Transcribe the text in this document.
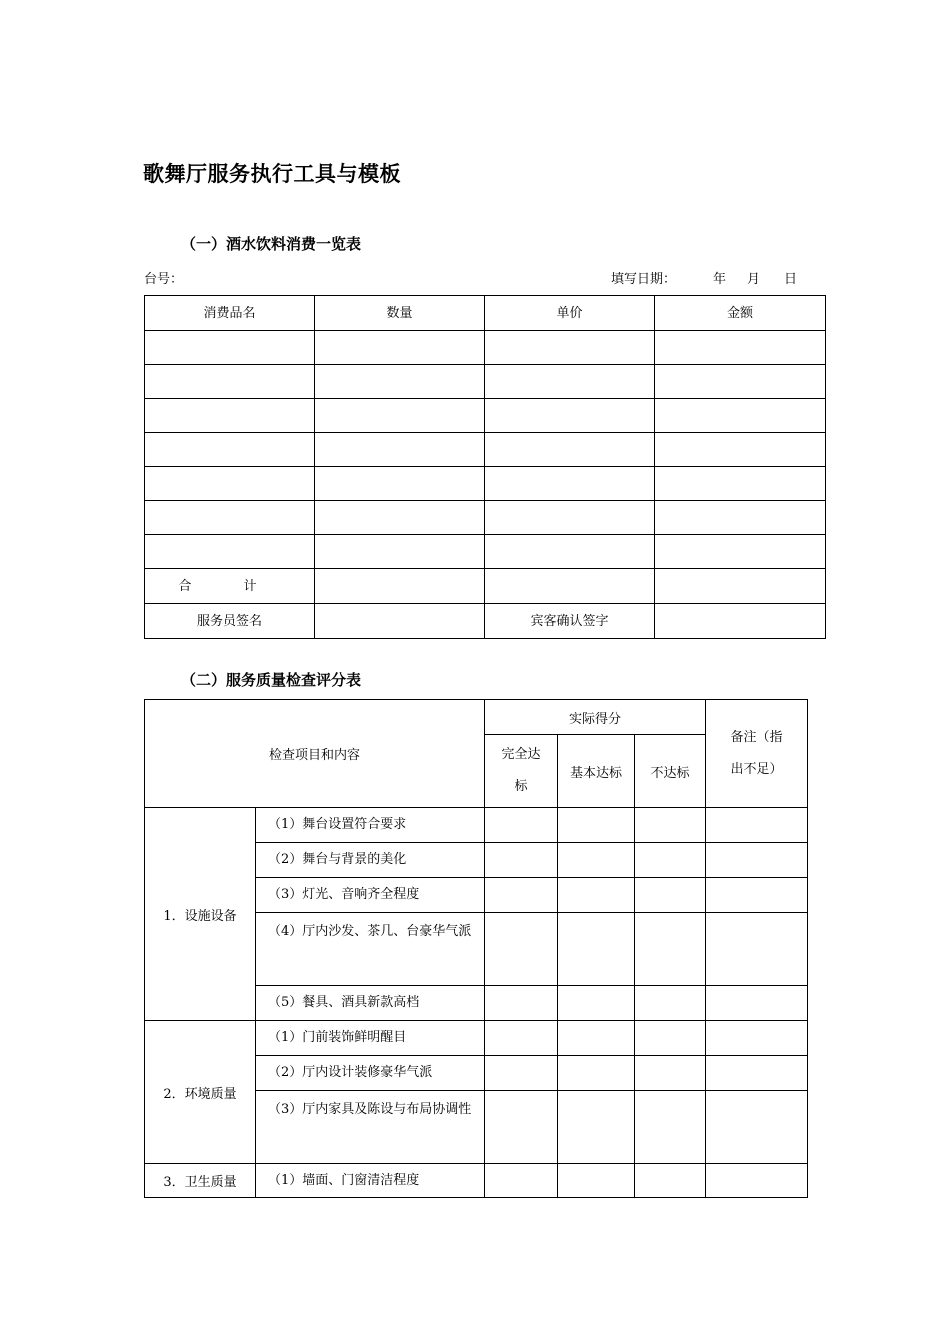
歌舞厅服务执行工具与模板
（一）酒水饮料消费一览表
台号：	填写日期：	年 月 日
消费品名	数量	单价	金额

合 计			
服务员签名		宾客确认签字	
（二）服务质量检查评分表
检查项目和内容		实际得分			备注（指出不足）
		完全达标	基本达标	不达标	
1．设施设备	（1）舞台设置符合要求				
	（2）舞台与背景的美化				
	（3）灯光、音响齐全程度				
	（4）厅内沙发、茶几、台豪华气派				
	（5）餐具、酒具新款高档				
2．环境质量	（1）门前装饰鲜明醒目				
	（2）厅内设计装修豪华气派				
	（3）厅内家具及陈设与布局协调性				
3．卫生质量	（1）墙面、门窗清洁程度				
